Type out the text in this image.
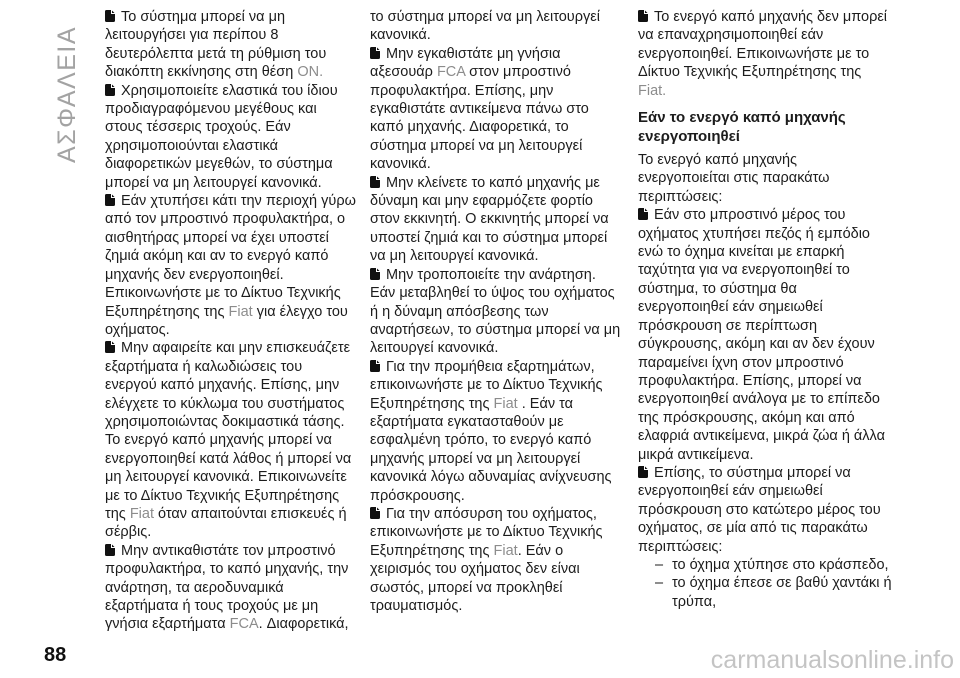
ΑΣΦΑΛΕΙΑ
Το σύστημα μπορεί να μη
λειτουργήσει για περίπου 8
δευτερόλεπτα μετά τη ρύθμιση του
διακόπτη εκκίνησης στη θέση ON.
Χρησιμοποιείτε ελαστικά του ίδιου
προδιαγραφόμενου μεγέθους και
στους τέσσερις τροχούς. Εάν
χρησιμοποιούνται ελαστικά
διαφορετικών μεγεθών, το σύστημα
μπορεί να μη λειτουργεί κανονικά.
Εάν χτυπήσει κάτι την περιοχή γύρω
από τον μπροστινό προφυλακτήρα, ο
αισθητήρας μπορεί να έχει υποστεί
ζημιά ακόμη και αν το ενεργό καπό
μηχανής δεν ενεργοποιηθεί.
Επικοινωνήστε με το Δίκτυο Τεχνικής
Εξυπηρέτησης της Fiat για έλεγχο του
οχήματος.
Μην αφαιρείτε και μην επισκευάζετε
εξαρτήματα ή καλωδιώσεις του
ενεργού καπό μηχανής. Επίσης, μην
ελέγχετε το κύκλωμα του συστήματος
χρησιμοποιώντας δοκιμαστικά τάσης.
Το ενεργό καπό μηχανής μπορεί να
ενεργοποιηθεί κατά λάθος ή μπορεί να
μη λειτουργεί κανονικά. Επικοινωνείτε
με το Δίκτυο Τεχνικής Εξυπηρέτησης
της Fiat όταν απαιτούνται επισκευές ή
σέρβις.
Μην αντικαθιστάτε τον μπροστινό
προφυλακτήρα, το καπό μηχανής, την
ανάρτηση, τα αεροδυναμικά
εξαρτήματα ή τους τροχούς με μη
γνήσια εξαρτήματα FCA. Διαφορετικά,
το σύστημα μπορεί να μη λειτουργεί
κανονικά.
Μην εγκαθιστάτε μη γνήσια
αξεσουάρ FCA στον μπροστινό
προφυλακτήρα. Επίσης, μην
εγκαθιστάτε αντικείμενα πάνω στο
καπό μηχανής. Διαφορετικά, το
σύστημα μπορεί να μη λειτουργεί
κανονικά.
Μην κλείνετε το καπό μηχανής με
δύναμη και μην εφαρμόζετε φορτίο
στον εκκινητή. Ο εκκινητής μπορεί να
υποστεί ζημιά και το σύστημα μπορεί
να μη λειτουργεί κανονικά.
Μην τροποποιείτε την ανάρτηση.
Εάν μεταβληθεί το ύψος του οχήματος
ή η δύναμη απόσβεσης των
αναρτήσεων, το σύστημα μπορεί να μη
λειτουργεί κανονικά.
Για την προμήθεια εξαρτημάτων,
επικοινωνήστε με το Δίκτυο Τεχνικής
Εξυπηρέτησης της Fiat . Εάν τα
εξαρτήματα εγκατασταθούν με
εσφαλμένη τρόπο, το ενεργό καπό
μηχανής μπορεί να μη λειτουργεί
κανονικά λόγω αδυναμίας ανίχνευσης
πρόσκρουσης.
Για την απόσυρση του οχήματος,
επικοινωνήστε με το Δίκτυο Τεχνικής
Εξυπηρέτησης της Fiat. Εάν ο
χειρισμός του οχήματος δεν είναι
σωστός, μπορεί να προκληθεί
τραυματισμός.
Το ενεργό καπό μηχανής δεν μπορεί
να επαναχρησιμοποιηθεί εάν
ενεργοποιηθεί. Επικοινωνήστε με το
Δίκτυο Τεχνικής Εξυπηρέτησης της
Fiat.
Εάν το ενεργό καπό μηχανής
ενεργοποιηθεί
Το ενεργό καπό μηχανής
ενεργοποιείται στις παρακάτω
περιπτώσεις:
Εάν στο μπροστινό μέρος του
οχήματος χτυπήσει πεζός ή εμπόδιο
ενώ το όχημα κινείται με επαρκή
ταχύτητα για να ενεργοποιηθεί το
σύστημα, το σύστημα θα
ενεργοποιηθεί εάν σημειωθεί
πρόσκρουση σε περίπτωση
σύγκρουσης, ακόμη και αν δεν έχουν
παραμείνει ίχνη στον μπροστινό
προφυλακτήρα. Επίσης, μπορεί να
ενεργοποιηθεί ανάλογα με το επίπεδο
της πρόσκρουσης, ακόμη και από
ελαφριά αντικείμενα, μικρά ζώα ή άλλα
μικρά αντικείμενα.
Επίσης, το σύστημα μπορεί να
ενεργοποιηθεί εάν σημειωθεί
πρόσκρουση στο κατώτερο μέρος του
οχήματος, σε μία από τις παρακάτω
περιπτώσεις:
– το όχημα χτύπησε στο κράσπεδο,
– το όχημα έπεσε σε βαθύ χαντάκι ή
τρύπα,
88	carmanualsonline.info
